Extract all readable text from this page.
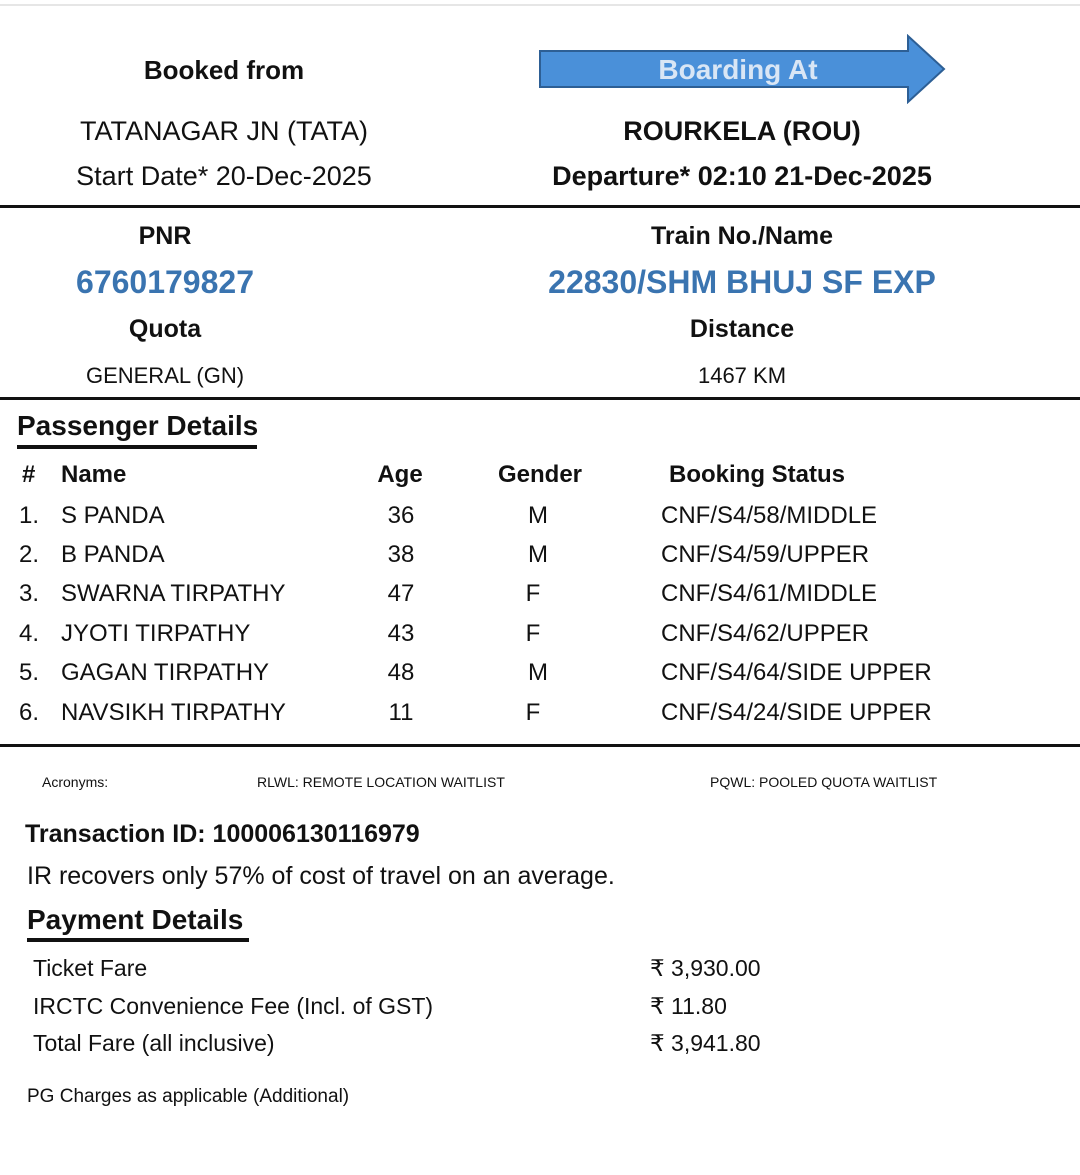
Booked from	Boarding At
TATANAGAR JN (TATA)
Start Date* 20-Dec-2025
ROURKELA (ROU)
Departure* 02:10 21-Dec-2025
PNR
6760179827
Quota
GENERAL (GN)
Train No./Name
22830/SHM BHUJ SF EXP
Distance
1467 KM
Passenger Details
# Name	Age	Gender	Booking Status
1. S PANDA	36	M	CNF/S4/58/MIDDLE
2. B PANDA	38	M	CNF/S4/59/UPPER
3. SWARNA TIRPATHY	47	F	CNF/S4/61/MIDDLE
4. JYOTI TIRPATHY	43	F	CNF/S4/62/UPPER
5. GAGAN TIRPATHY	48	M	CNF/S4/64/SIDE UPPER
6. NAVSIKH TIRPATHY	11	F	CNF/S4/24/SIDE UPPER
Acronyms:	RLWL: REMOTE LOCATION WAITLIST	PQWL: POOLED QUOTA WAITLIST
Transaction ID: 100006130116979
IR recovers only 57% of cost of travel on an average.
Payment Details
Ticket Fare	₹ 3,930.00
IRCTC Convenience Fee (Incl. of GST)	₹ 11.80
Total Fare (all inclusive)	₹ 3,941.80
PG Charges as applicable (Additional)
